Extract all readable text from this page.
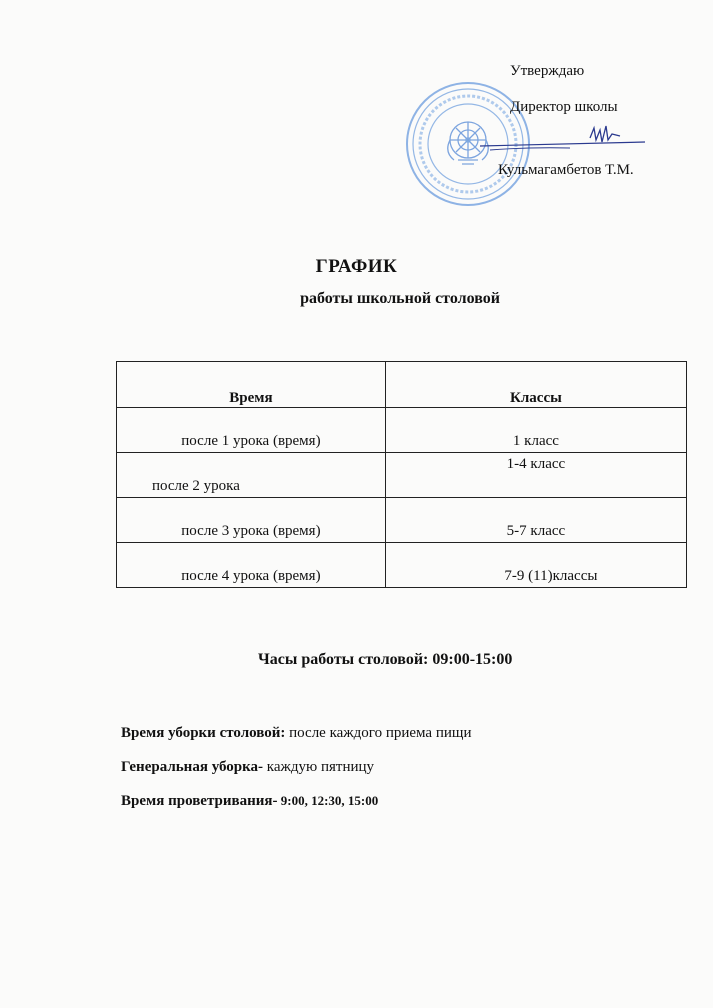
Утверждаю
Директор школы
Кульмагамбетов Т.М.
ГРАФИК
работы школьной столовой
Время	Классы

после 1 урока (время)	1 класс

после 2 урока	1-4 класс

после 3 урока (время)	5-7 класс

после 4 урока (время)	7-9 (11)классы
Часы работы столовой: 09:00-15:00
Время уборки столовой: после каждого приема пищи
Генеральная уборка- каждую пятницу
Время проветривания- 9:00, 12:30, 15:00
